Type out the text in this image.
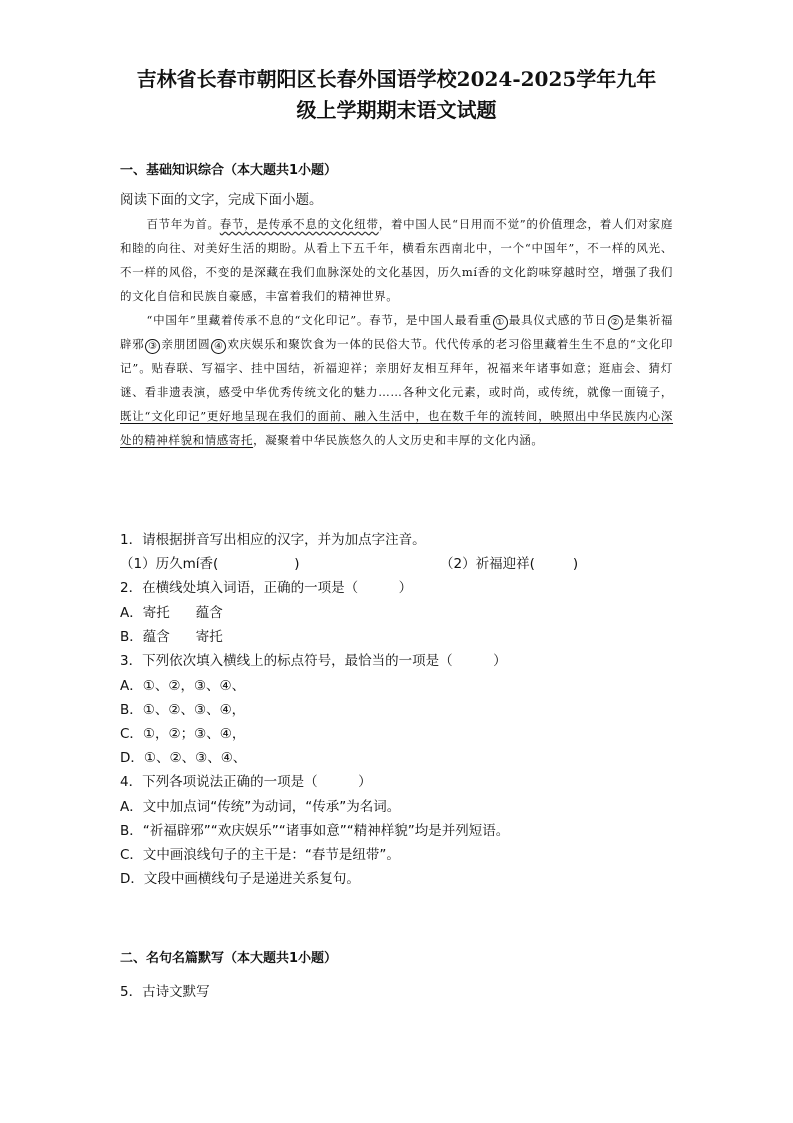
吉林省长春市朝阳区长春外国语学校2024-2025学年九年
级上学期期末语文试题
一、基础知识综合（本大题共1小题）
阅读下面的文字，完成下面小题。

百节年为首。春节，是传承不息的文化纽带，着中国人民“日用而不觉”的价值理念，着人们对家庭和睦的向往、对美好生活的期盼。从看上下五千年，横看东西南北中，一个“中国年”，不一样的风光、不一样的风俗，不变的是深藏在我们血脉深处的文化基因，历久mí香的文化韵味穿越时空，增强了我们的文化自信和民族自豪感，丰富着我们的精神世界。

“中国年”里藏着传承不息的“文化印记”。春节，是中国人最看重 ① 最具仪式感的节日 ② 是集祈福辟邪 ③ 亲朋团圆 ④ 欢庆娱乐和聚饮食为一体的民俗大节。代代传承的老习俗里藏着生生不息的“文化印记”。贴春联、写福字、挂中国结，祈福迎祥；亲朋好友相互拜年，祝福来年诸事如意；逛庙会、猜灯谜、看非遗表演，感受中华优秀传统文化的魅力……各种文化元素，或时尚，或传统，就像一面镜子，既让“文化印记”更好地呈现在我们的面前、融入生活中，也在数千年的流转间，映照出中华民族内心深处的精神样貌和情感寄托，凝聚着中华民族悠久的人文历史和丰厚的文化内涵。

1．请根据拼音写出相应的汉字，并为加点字注音。
（1）历久mí香(	)	（2）祈福迎祥(	)
2．在横线处填入词语，正确的一项是（　　　）
A．寄托 蕴含
B．蕴含 寄托
3．下列依次填入横线上的标点符号，最恰当的一项是（　　　）
A．①、②，③、④、
B．①、②、③、④，
C．①，②；③、④，
D．①、②、③、④、
4．下列各项说法正确的一项是（　　　）
A．文中加点词“传统”为动词，“传承”为名词。
B．“祈福辟邪”“欢庆娱乐”“诸事如意”“精神样貌”均是并列短语。
C．文中画浪线句子的主干是：“春节是纽带”。
D．文段中画横线句子是递进关系复句。
二、名句名篇默写（本大题共1小题）
5．古诗文默写
